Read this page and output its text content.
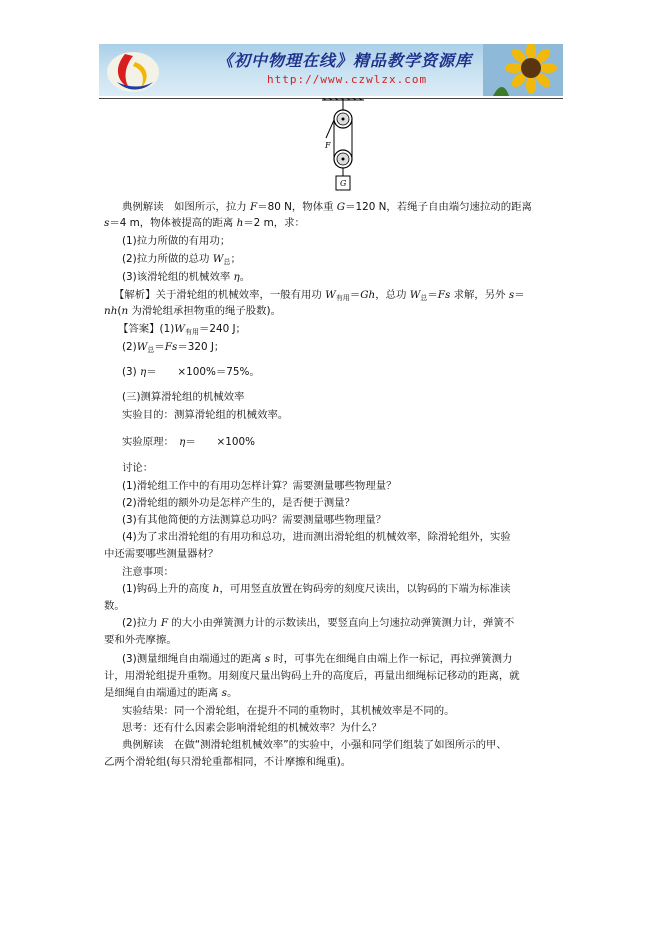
《初中物理在线》精品教学资源库
http://www.czwlzx.com
F
G
典例解读　如图所示，拉力 F＝80 N，物体重 G＝120 N，若绳子自由端匀速拉动的距离
s＝4 m，物体被提高的距离 h＝2 m，求：
(1)拉力所做的有用功；
(2)拉力所做的总功 $W_总$；
(3)该滑轮组的机械效率 η。
【解析】关于滑轮组的机械效率，一般有用功 $W_{有用}=Gh$，总功 $W_总=Fs$ 求解，另外 s＝
nh(n 为滑轮组承担物重的绳子股数)。
【答案】$(1)W_{有用}=240$ J；
$(2)W_总=Fs=320$ J；
(3) η＝　　×100%＝75%。
(三)测算滑轮组的机械效率
实验目的：测算滑轮组的机械效率。
实验原理：　η＝　　×100%
讨论：
(1)滑轮组工作中的有用功怎样计算？需要测量哪些物理量？
(2)滑轮组的额外功是怎样产生的，是否便于测量？
(3)有其他简便的方法测算总功吗？需要测量哪些物理量？
(4)为了求出滑轮组的有用功和总功，进而测出滑轮组的机械效率，除滑轮组外，实验
中还需要哪些测量器材？
注意事项：
(1)钩码上升的高度 h，可用竖直放置在钩码旁的刻度尺读出，以钩码的下端为标准读
数。
(2)拉力 F 的大小由弹簧测力计的示数读出，要竖直向上匀速拉动弹簧测力计，弹簧不
要和外壳摩擦。
(3)测量细绳自由端通过的距离 s 时，可事先在细绳自由端上作一标记，再拉弹簧测力
计，用滑轮组提升重物。用刻度尺量出钩码上升的高度后，再量出细绳标记移动的距离，就
是细绳自由端通过的距离 s。
实验结果：同一个滑轮组，在提升不同的重物时，其机械效率是不同的。
思考：还有什么因素会影响滑轮组的机械效率？为什么？
典例解读　在做“测滑轮组机械效率”的实验中，小强和同学们组装了如图所示的甲、
乙两个滑轮组(每只滑轮重都相同，不计摩擦和绳重)。
